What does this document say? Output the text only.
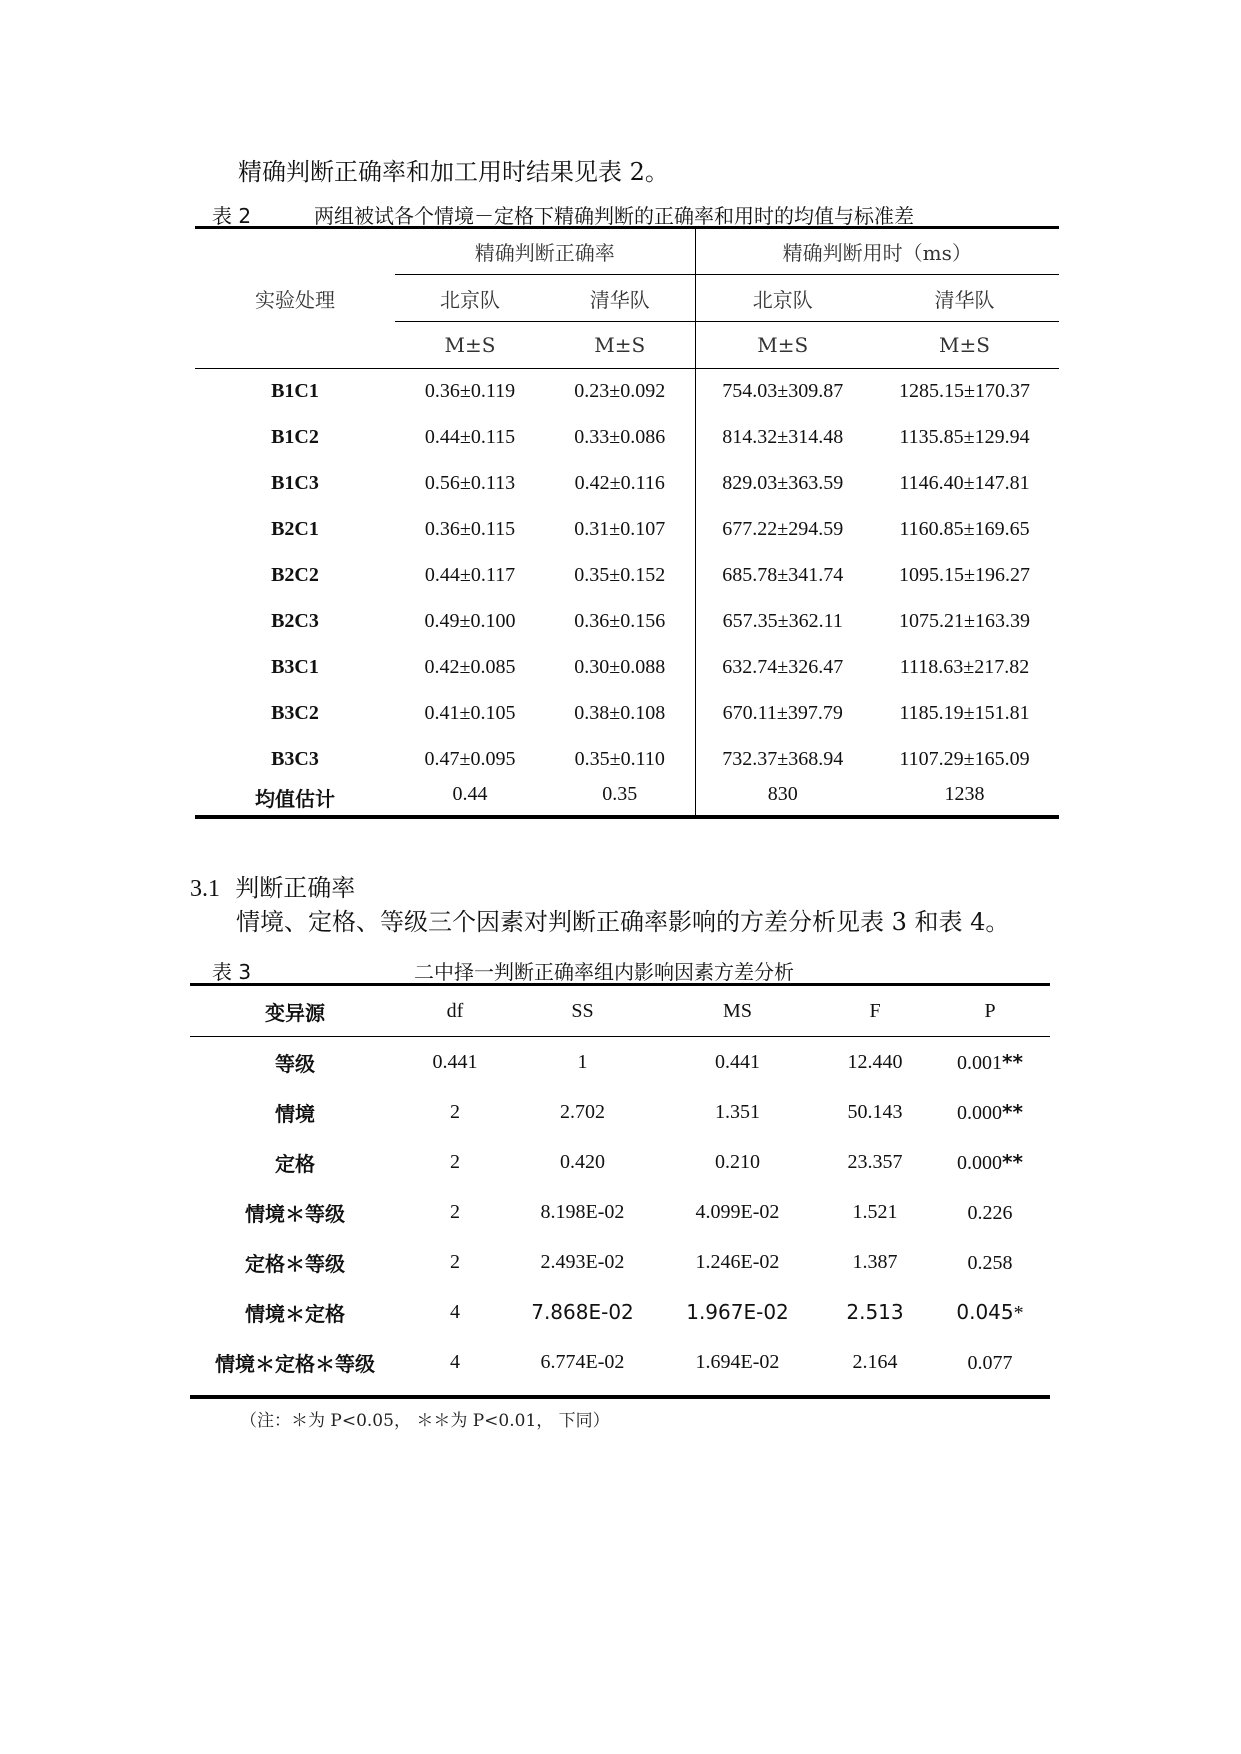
精确判断正确率和加工用时结果见表 2。
表 2	两组被试各个情境－定格下精确判断的正确率和用时的均值与标准差
实验处理	精确判断正确率		精确判断用时（ms）	
	北京队	清华队	北京队	清华队
	M±S	M±S	M±S	M±S
B1C1	0.36±0.119	0.23±0.092	754.03±309.87	1285.15±170.37
B1C2	0.44±0.115	0.33±0.086	814.32±314.48	1135.85±129.94
B1C3	0.56±0.113	0.42±0.116	829.03±363.59	1146.40±147.81
B2C1	0.36±0.115	0.31±0.107	677.22±294.59	1160.85±169.65
B2C2	0.44±0.117	0.35±0.152	685.78±341.74	1095.15±196.27
B2C3	0.49±0.100	0.36±0.156	657.35±362.11	1075.21±163.39
B3C1	0.42±0.085	0.30±0.088	632.74±326.47	1118.63±217.82
B3C2	0.41±0.105	0.38±0.108	670.11±397.79	1185.19±151.81
B3C3	0.47±0.095	0.35±0.110	732.37±368.94	1107.29±165.09
均值估计	0.44	0.35	830	1238
3.1 判断正确率
情境、定格、等级三个因素对判断正确率影响的方差分析见表 3 和表 4。
表 3	二中择一判断正确率组内影响因素方差分析
变异源	df	SS	MS	F	P
等级	0.441	1	0.441	12.440	0.001**
情境	2	2.702	1.351	50.143	0.000**
定格	2	0.420	0.210	23.357	0.000**
情境＊等级	2	8.198E-02	4.099E-02	1.521	0.226
定格＊等级	2	2.493E-02	1.246E-02	1.387	0.258
情境＊定格	4	7.868E-02	1.967E-02	2.513	0.045*
情境＊定格＊等级	4	6.774E-02	1.694E-02	2.164	0.077

（注：＊为 P<0.05， ＊＊为 P<0.01， 下同）
